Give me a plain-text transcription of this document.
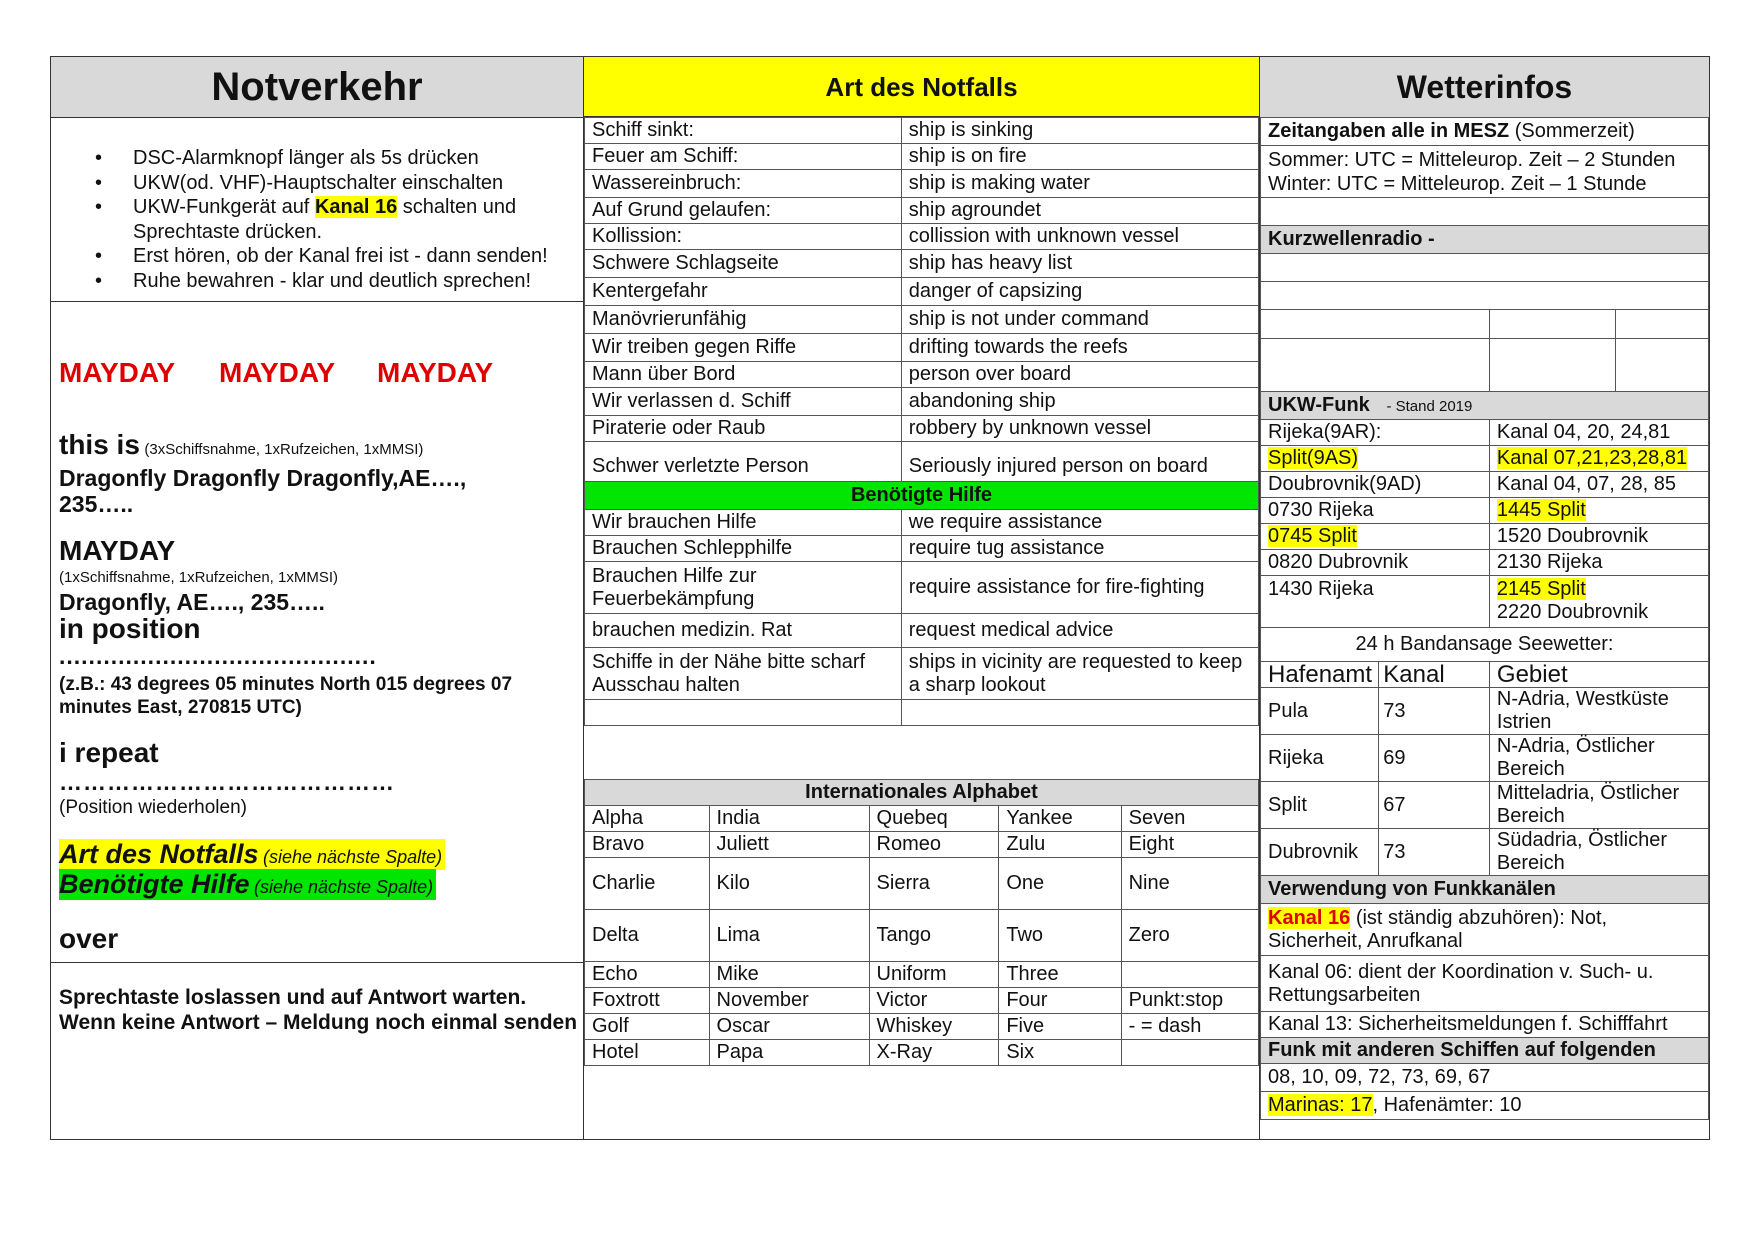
Notverkehr
• DSC-Alarmknopf länger als 5s drücken
• UKW(od. VHF)-Hauptschalter einschalten
• UKW-Funkgerät auf Kanal 16 schalten und Sprechtaste drücken.
• Erst hören, ob der Kanal frei ist - dann senden!
• Ruhe bewahren - klar und deutlich sprechen!
MAYDAY MAYDAY MAYDAY
this is (3xSchiffsnahme, 1xRufzeichen, 1xMMSI)
Dragonfly Dragonfly Dragonfly,AE….,
235…..
MAYDAY
(1xSchiffsnahme, 1xRufzeichen, 1xMMSI)
Dragonfly, AE…., 235…..
in position
...........................................
(z.B.: 43 degrees 05 minutes North 015 degrees 07 minutes East, 270815 UTC)
i repeat
……………………………………
(Position wiederholen)
Art des Notfalls (siehe nächste Spalte)
Benötigte Hilfe (siehe nächste Spalte)
over
Sprechtaste loslassen und auf Antwort warten. Wenn keine Antwort – Meldung noch einmal senden
Art des Notfalls
Schiff sinkt:	ship is sinking
Feuer am Schiff:	ship is on fire
Wassereinbruch:	ship is making water
Auf Grund gelaufen:	ship agroundet
Kollission:	collission with unknown vessel
Schwere Schlagseite	ship has heavy list
Kentergefahr	danger of capsizing
Manövrierunfähig	ship is not under command
Wir treiben gegen Riffe	drifting towards the reefs
Mann über Bord	person over board
Wir verlassen d. Schiff	abandoning ship
Piraterie oder Raub	robbery by unknown vessel
Schwer verletzte Person	Seriously injured person on board
Benötigte Hilfe	
Wir brauchen Hilfe	we require assistance
Brauchen Schlepphilfe	require tug assistance
Brauchen Hilfe zur Feuerbekämpfung	require assistance for fire-fighting
brauchen medizin. Rat	request medical advice
Schiffe in der Nähe bitte scharf Ausschau halten	ships in vicinity are requested to keep a sharp lookout

Internationales Alphabet				
Alpha	India	Quebeq	Yankee	Seven
Bravo	Juliett	Romeo	Zulu	Eight
Charlie	Kilo	Sierra	One	Nine
Delta	Lima	Tango	Two	Zero
Echo	Mike	Uniform	Three	
Foxtrott	November	Victor	Four	Punkt:stop
Golf	Oscar	Whiskey	Five	- = dash
Hotel	Papa	X-Ray	Six	
Wetterinfos
Zeitangaben alle in MESZ (Sommerzeit)		

Sommer: UTC = Mitteleurop. Zeit – 2 Stunden
Winter: UTC = Mitteleurop. Zeit – 1 Stunde		

Kurzwellenradio -		

UKW-Funk - Stand 2019		
Rijeka(9AR):		Kanal 04, 20, 24,81
Split(9AS)		Kanal 07,21,23,28,81
Doubrovnik(9AD)		Kanal 04, 07, 28, 85
0730 Rijeka		1445 Split
0745 Split		1520 Doubrovnik
0820 Dubrovnik		2130 Rijeka
1430 Rijeka		2145 Split
2220 Doubrovnik

24 h Bandansage Seewetter:		
Hafenamt	Kanal	Gebiet
Pula	73	N-Adria, Westküste Istrien
Rijeka	69	N-Adria, Östlicher Bereich
Split	67	Mitteladria, Östlicher Bereich
Dubrovnik	73	Südadria, Östlicher Bereich
Verwendung von Funkkanälen		
Kanal 16 (ist ständig abzuhören): Not, Sicherheit, Anrufkanal		
Kanal 06: dient der Koordination v. Such- u. Rettungsarbeiten		
Kanal 13: Sicherheitsmeldungen f. Schifffahrt		
Funk mit anderen Schiffen auf folgenden		
08, 10, 09, 72, 73, 69, 67		
Marinas: 17, Hafenämter: 10		
